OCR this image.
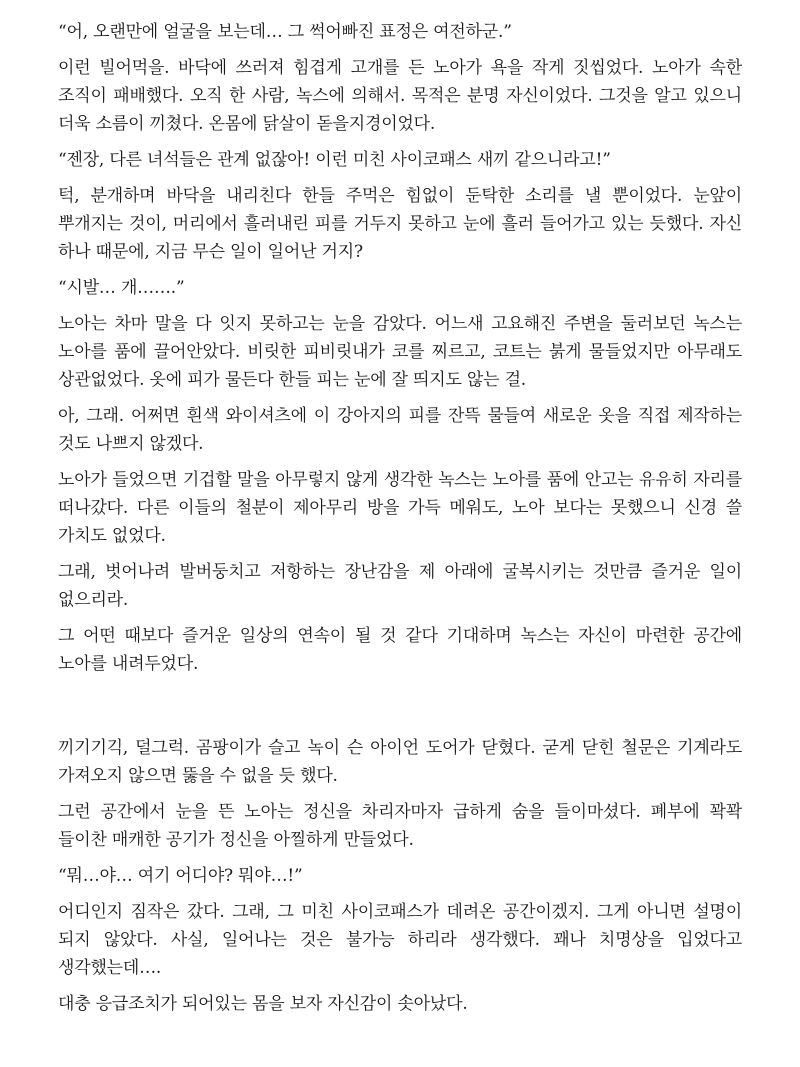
“어, 오랜만에 얼굴을 보는데… 그 썩어빠진 표정은 여전하군.”

이런 빌어먹을. 바닥에 쓰러져 힘겹게 고개를 든 노아가 욕을 작게 짓씹었다. 노아가 속한 조직이 패배했다. 오직 한 사람, 녹스에 의해서. 목적은 분명 자신이었다. 그것을 알고 있으니 더욱 소름이 끼쳤다. 온몸에 닭살이 돋을지경이었다.

“젠장, 다른 녀석들은 관계 없잖아! 이런 미친 사이코패스 새끼 같으니라고!”

턱, 분개하며 바닥을 내리친다 한들 주먹은 힘없이 둔탁한 소리를 낼 뿐이었다. 눈앞이 뿌개지는 것이, 머리에서 흘러내린 피를 거두지 못하고 눈에 흘러 들어가고 있는 듯했다. 자신 하나 때문에, 지금 무슨 일이 일어난 거지?

“시발… 개…….”

노아는 차마 말을 다 잇지 못하고는 눈을 감았다. 어느새 고요해진 주변을 둘러보던 녹스는 노아를 품에 끌어안았다. 비릿한 피비릿내가 코를 찌르고, 코트는 붉게 물들었지만 아무래도 상관없었다. 옷에 피가 물든다 한들 피는 눈에 잘 띄지도 않는 걸.

아, 그래. 어쩌면 흰색 와이셔츠에 이 강아지의 피를 잔뜩 물들여 새로운 옷을 직접 제작하는 것도 나쁘지 않겠다.

노아가 들었으면 기겁할 말을 아무렇지 않게 생각한 녹스는 노아를 품에 안고는 유유히 자리를 떠나갔다. 다른 이들의 철분이 제아무리 방을 가득 메워도, 노아 보다는 못했으니 신경 쓸 가치도 없었다.

그래, 벗어나려 발버둥치고 저항하는 장난감을 제 아래에 굴복시키는 것만큼 즐거운 일이 없으리라.

그 어떤 때보다 즐거운 일상의 연속이 될 것 같다 기대하며 녹스는 자신이 마련한 공간에 노아를 내려두었다.

끼기기긱, 덜그럭. 곰팡이가 슬고 녹이 슨 아이언 도어가 닫혔다. 굳게 닫힌 철문은 기계라도 가져오지 않으면 뚫을 수 없을 듯 했다.

그런 공간에서 눈을 뜬 노아는 정신을 차리자마자 급하게 숨을 들이마셨다. 폐부에 꽉꽉 들이찬 매캐한 공기가 정신을 아찔하게 만들었다.

“뭐…야… 여기 어디야? 뭐야…!”

어디인지 짐작은 갔다. 그래, 그 미친 사이코패스가 데려온 공간이겠지. 그게 아니면 설명이 되지 않았다. 사실, 일어나는 것은 불가능 하리라 생각했다. 꽤나 치명상을 입었다고 생각했는데….

대충 응급조치가 되어있는 몸을 보자 자신감이 솟아났다.
